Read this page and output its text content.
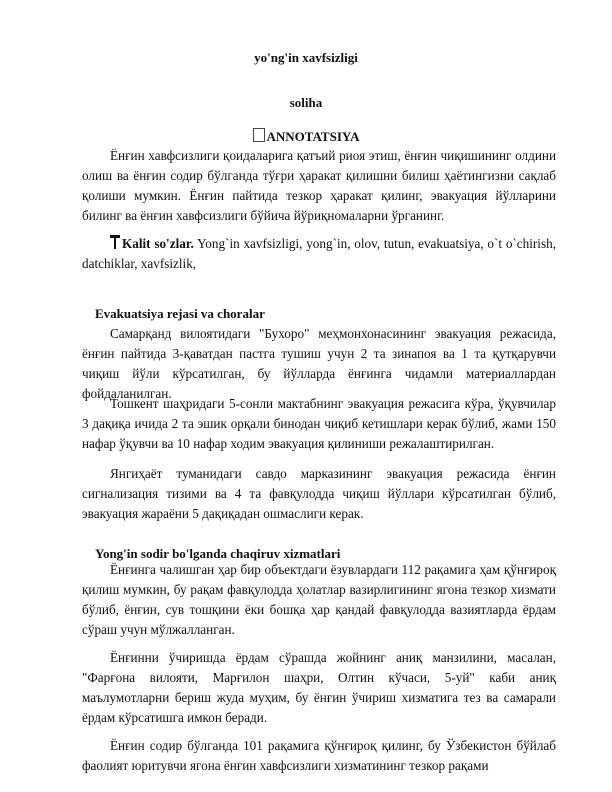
yo'ng'in xavfsizligi
soliha
ANNOTATSIYA

Ёнғин хавфсизлиги қоидаларига қатъий риоя этиш, ёнғин чиқишининг олдини олиш ва ёнғин содир бўлганда тўғри ҳаракат қилишни билиш ҳаётингизни сақлаб қолиши мумкин. Ёнғин пайтида тезкор ҳаракат қилинг, эвакуация йўлларини билинг ва ёнғин хавфсизлиги бўйича йўриқномаларни ўрганинг.

Kalit so'zlar. Yong`in xavfsizligi, yong`in, olov, tutun, evakuatsiya, o`t o`chirish, datchiklar, xavfsizlik,

Evakuatsiya rejasi va choralar

Самарқанд вилоятидаги "Бухоро" меҳмонхонасининг эвакуация режасида, ёнғин пайтида 3-қаватдан пастга тушиш учун 2 та зинапоя ва 1 та қутқарувчи чиқиш йўли кўрсатилган, бу йўлларда ёнғинга чидамли материаллардан фойдаланилган.

Тошкент шаҳридаги 5-сонли мактабнинг эвакуация режасига кўра, ўқувчилар 3 дақиқа ичида 2 та эшик орқали бинодан чиқиб кетишлари керак бўлиб, жами 150 нафар ўқувчи ва 10 нафар ходим эвакуация қилиниши режалаштирилган.

Янгиҳаёт туманидаги савдо марказининг эвакуация режасида ёнғин сигнализация тизими ва 4 та фавқулодда чиқиш йўллари кўрсатилган бўлиб, эвакуация жараёни 5 дақиқадан ошмаслиги керак.

Yong'in sodir bo'lganda chaqiruv xizmatlari

Ёнғинга чалишган ҳар бир объектдаги ёзувлардаги 112 рақамига ҳам қўнғироқ қилиш мумкин, бу рақам фавқулодда ҳолатлар вазирлигининг ягона тезкор хизмати бўлиб, ёнғин, сув тошқини ёки бошқа ҳар қандай фавқулодда вазиятларда ёрдам сўраш учун мўлжалланган.

Ёнғинни ўчиришда ёрдам сўрашда жойнинг аниқ манзилини, масалан, "Фарғона вилояти, Марғилон шаҳри, Олтин кўчаси, 5-уй" каби аниқ маълумотларни бериш жуда муҳим, бу ёнғин ўчириш хизматига тез ва самарали ёрдам кўрсатишга имкон беради.

Ёнғин содир бўлганда 101 рақамига қўнғироқ қилинг, бу Ўзбекистон бўйлаб фаолият юритувчи ягона ёнғин хавфсизлиги хизматининг тезкор рақами
